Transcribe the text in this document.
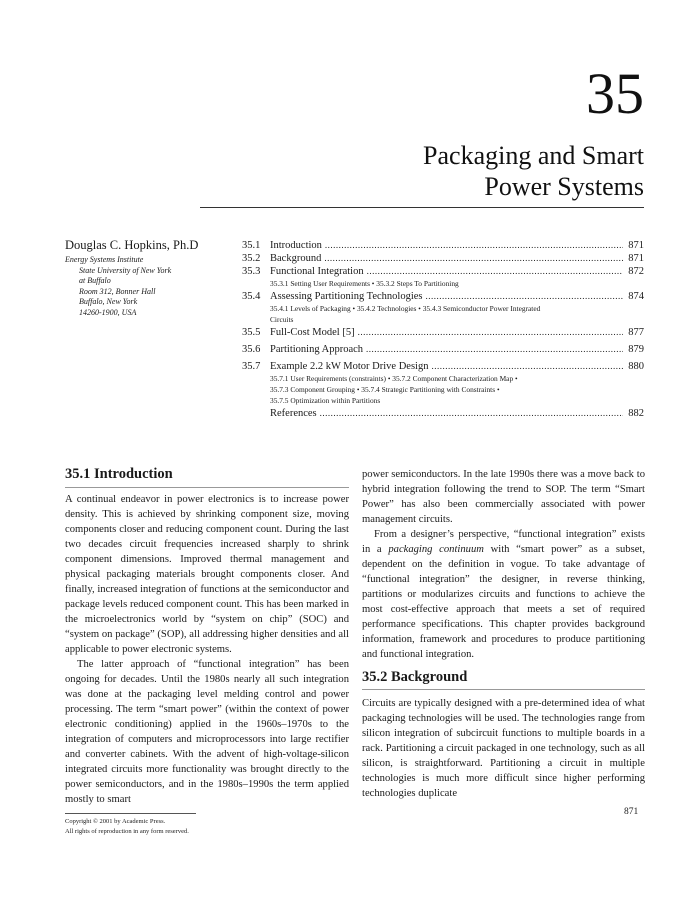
35
Packaging and Smart
Power Systems
Douglas C. Hopkins, Ph.D
Energy Systems Institute
State University of New York
at Buffalo
Room 312, Bonner Hall
Buffalo, New York
14260-1900, USA
35.1 Introduction .....	871
35.2 Background .....	871
35.3 Functional Integration .....	872
35.3.1 Setting User Requirements • 35.3.2 Steps To Partitioning
35.4 Assessing Partitioning Technologies .....	874
35.4.1 Levels of Packaging • 35.4.2 Technologies • 35.4.3 Semiconductor Power Integrated
Circuits
35.5 Full-Cost Model [5] .....	877
35.6 Partitioning Approach .....	879
35.7 Example 2.2 kW Motor Drive Design .....	880
35.7.1 User Requirements (constraints) • 35.7.2 Component Characterization Map •
35.7.3 Component Grouping • 35.7.4 Strategic Partitioning with Constraints •
35.7.5 Optimization within Partitions
References .....	882
35.1 Introduction

A continual endeavor in power electronics is to increase power density. This is achieved by shrinking component size, moving components closer and reducing component count. During the last two decades circuit frequencies increased sharply to shrink component dimensions. Improved thermal management and physical packaging materials brought components closer. And finally, increased integration of functions at the semiconductor and package levels reduced component count. This has been marked in the microelectronics world by “system on chip” (SOC) and “system on package” (SOP), all addressing higher densities and all applicable to power electronic systems.

The latter approach of “functional integration” has been ongoing for decades. Until the 1980s nearly all such integration was done at the packaging level melding control and power processing. The term “smart power” (within the context of power electronic conditioning) applied in the 1960s–1970s to the integration of computers and microprocessors into large rectifier and converter cabinets. With the advent of high-voltage-silicon integrated circuits more functionality was brought directly to the power semiconductors, and in the 1980s–1990s the term applied mostly to smart

power semiconductors. In the late 1990s there was a move back to hybrid integration following the trend to SOP. The term “Smart Power” has also been commercially associated with power management circuits.

From a designer’s perspective, “functional integration” exists in a packaging continuum with “smart power” as a subset, dependent on the definition in vogue. To take advantage of “functional integration” the designer, in reverse thinking, partitions or modularizes circuits and functions to achieve the most cost-effective approach that meets a set of required performance specifications. This chapter provides background information, framework and procedures to produce partitioning and functional integration.

35.2 Background

Circuits are typically designed with a pre-determined idea of what packaging technologies will be used. The technologies range from silicon integration of subcircuit functions to multiple boards in a rack. Partitioning a circuit packaged in one technology, such as all silicon, is straightforward. Partitioning a circuit in multiple technologies is much more difficult since higher performing technologies duplicate

Copyright © 2001 by Academic Press.
All rights of reproduction in any form reserved.
871
